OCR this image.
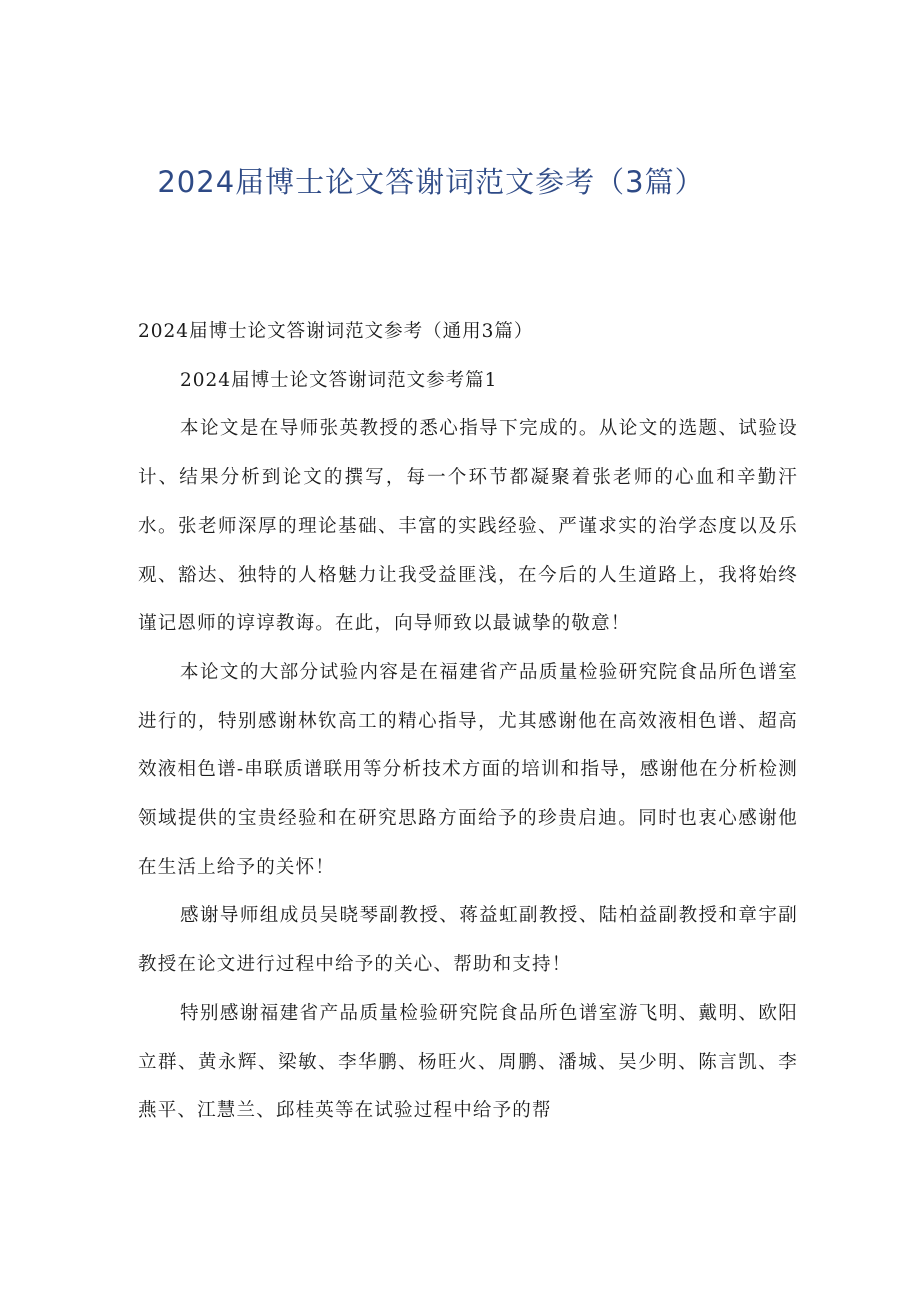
2024届博士论文答谢词范文参考（3篇）

2024届博士论文答谢词范文参考（通用3篇）

2024届博士论文答谢词范文参考篇1

本论文是在导师张英教授的悉心指导下完成的。从论文的选题、试验设计、结果分析到论文的撰写，每一个环节都凝聚着张老师的心血和辛勤汗水。张老师深厚的理论基础、丰富的实践经验、严谨求实的治学态度以及乐观、豁达、独特的人格魅力让我受益匪浅，在今后的人生道路上，我将始终谨记恩师的谆谆教诲。在此，向导师致以最诚挚的敬意！

本论文的大部分试验内容是在福建省产品质量检验研究院食品所色谱室进行的，特别感谢林钦高工的精心指导，尤其感谢他在高效液相色谱、超高效液相色谱-串联质谱联用等分析技术方面的培训和指导，感谢他在分析检测领域提供的宝贵经验和在研究思路方面给予的珍贵启迪。同时也衷心感谢他在生活上给予的关怀！

感谢导师组成员吴晓琴副教授、蒋益虹副教授、陆柏益副教授和章宇副教授在论文进行过程中给予的关心、帮助和支持！

特别感谢福建省产品质量检验研究院食品所色谱室游飞明、戴明、欧阳立群、黄永辉、梁敏、李华鹏、杨旺火、周鹏、潘城、吴少明、陈言凯、李燕平、江慧兰、邱桂英等在试验过程中给予的帮
